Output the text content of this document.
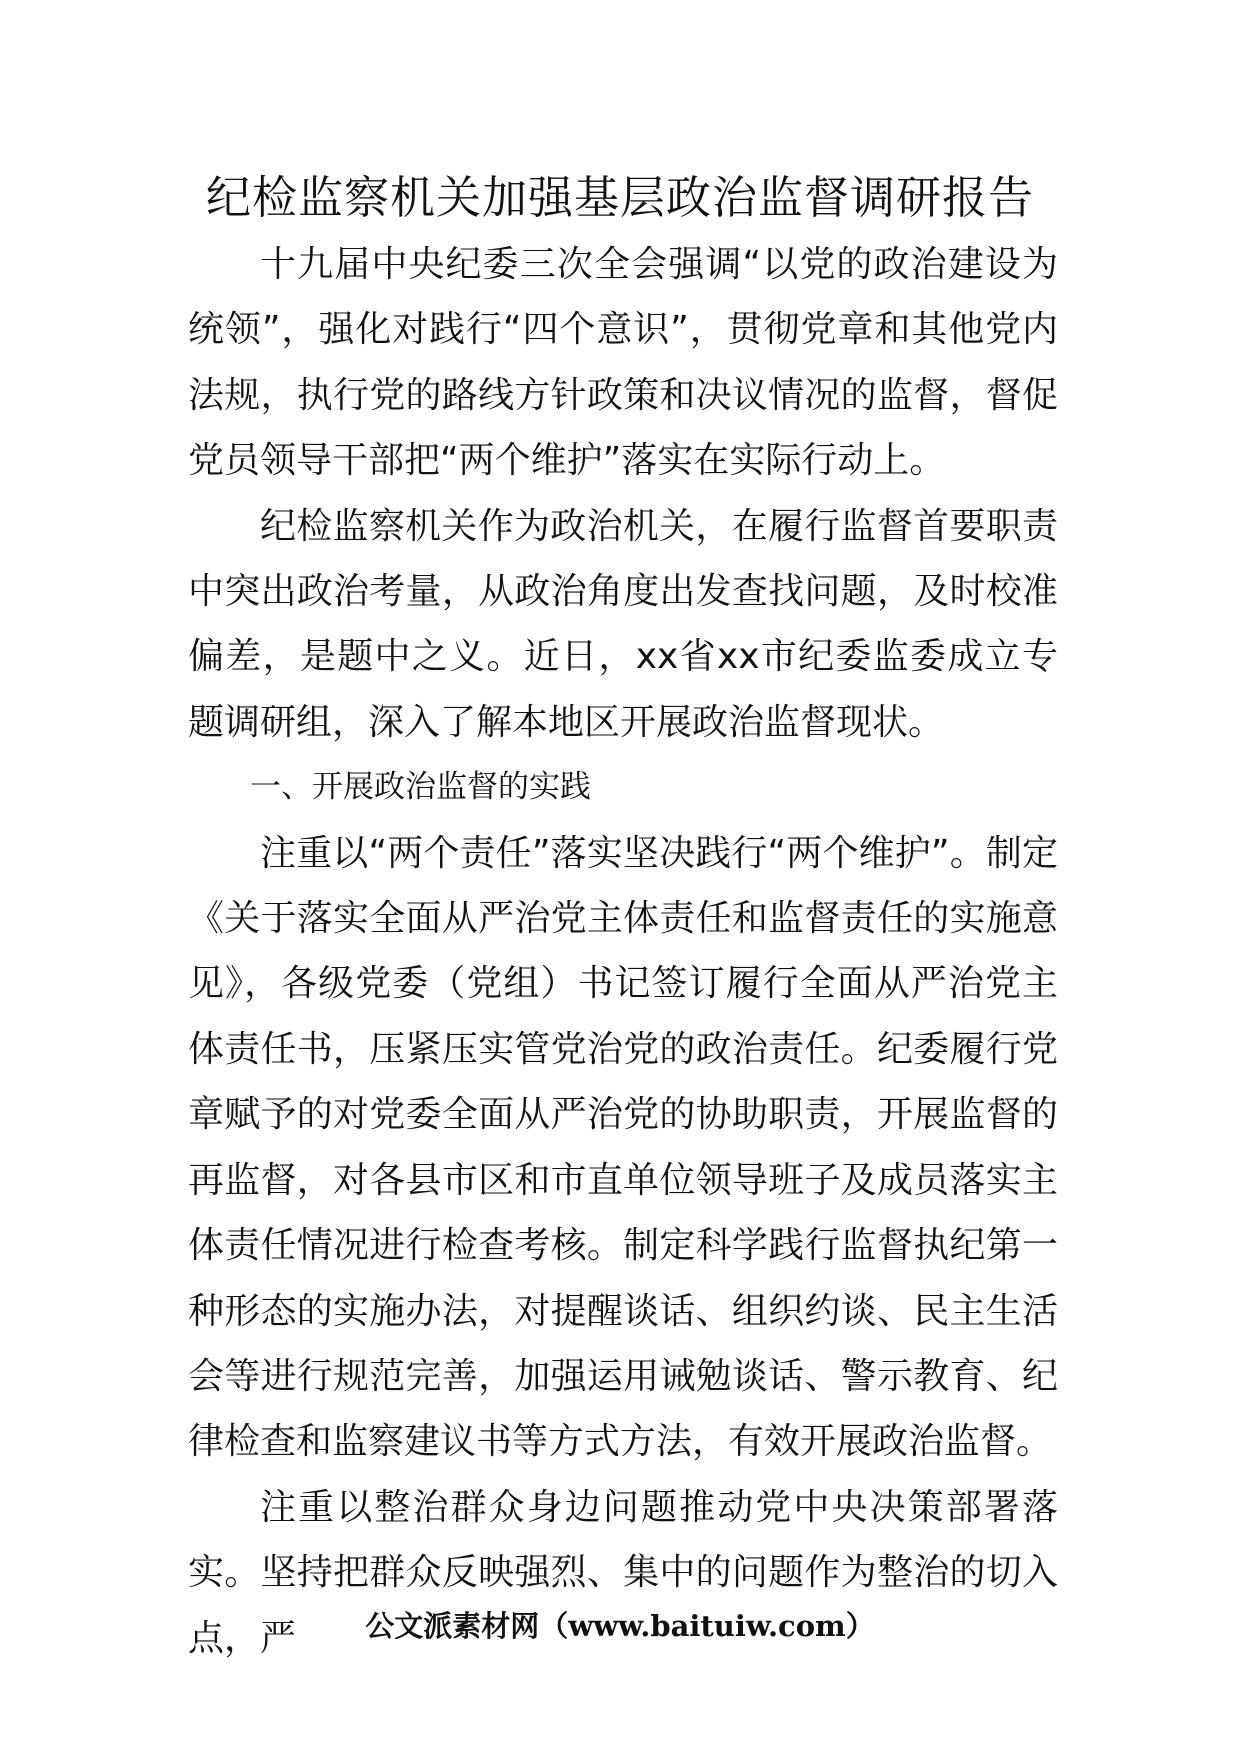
纪检监察机关加强基层政治监督调研报告

十九届中央纪委三次全会强调“以党的政治建设为统领”，强化对践行“四个意识”，贯彻党章和其他党内法规，执行党的路线方针政策和决议情况的监督，督促党员领导干部把“两个维护”落实在实际行动上。

纪检监察机关作为政治机关，在履行监督首要职责中突出政治考量，从政治角度出发查找问题，及时校准偏差，是题中之义。近日，xx省xx市纪委监委成立专题调研组，深入了解本地区开展政治监督现状。

一、开展政治监督的实践

注重以“两个责任”落实坚决践行“两个维护”。制定《关于落实全面从严治党主体责任和监督责任的实施意见》，各级党委（党组）书记签订履行全面从严治党主体责任书，压紧压实管党治党的政治责任。纪委履行党章赋予的对党委全面从严治党的协助职责，开展监督的再监督，对各县市区和市直单位领导班子及成员落实主体责任情况进行检查考核。制定科学践行监督执纪第一种形态的实施办法，对提醒谈话、组织约谈、民主生活会等进行规范完善，加强运用诫勉谈话、警示教育、纪律检查和监察建议书等方式方法，有效开展政治监督。

注重以整治群众身边问题推动党中央决策部署落实。坚持把群众反映强烈、集中的问题作为整治的切入点，严	公文派素材网（www.baituiw.com）
